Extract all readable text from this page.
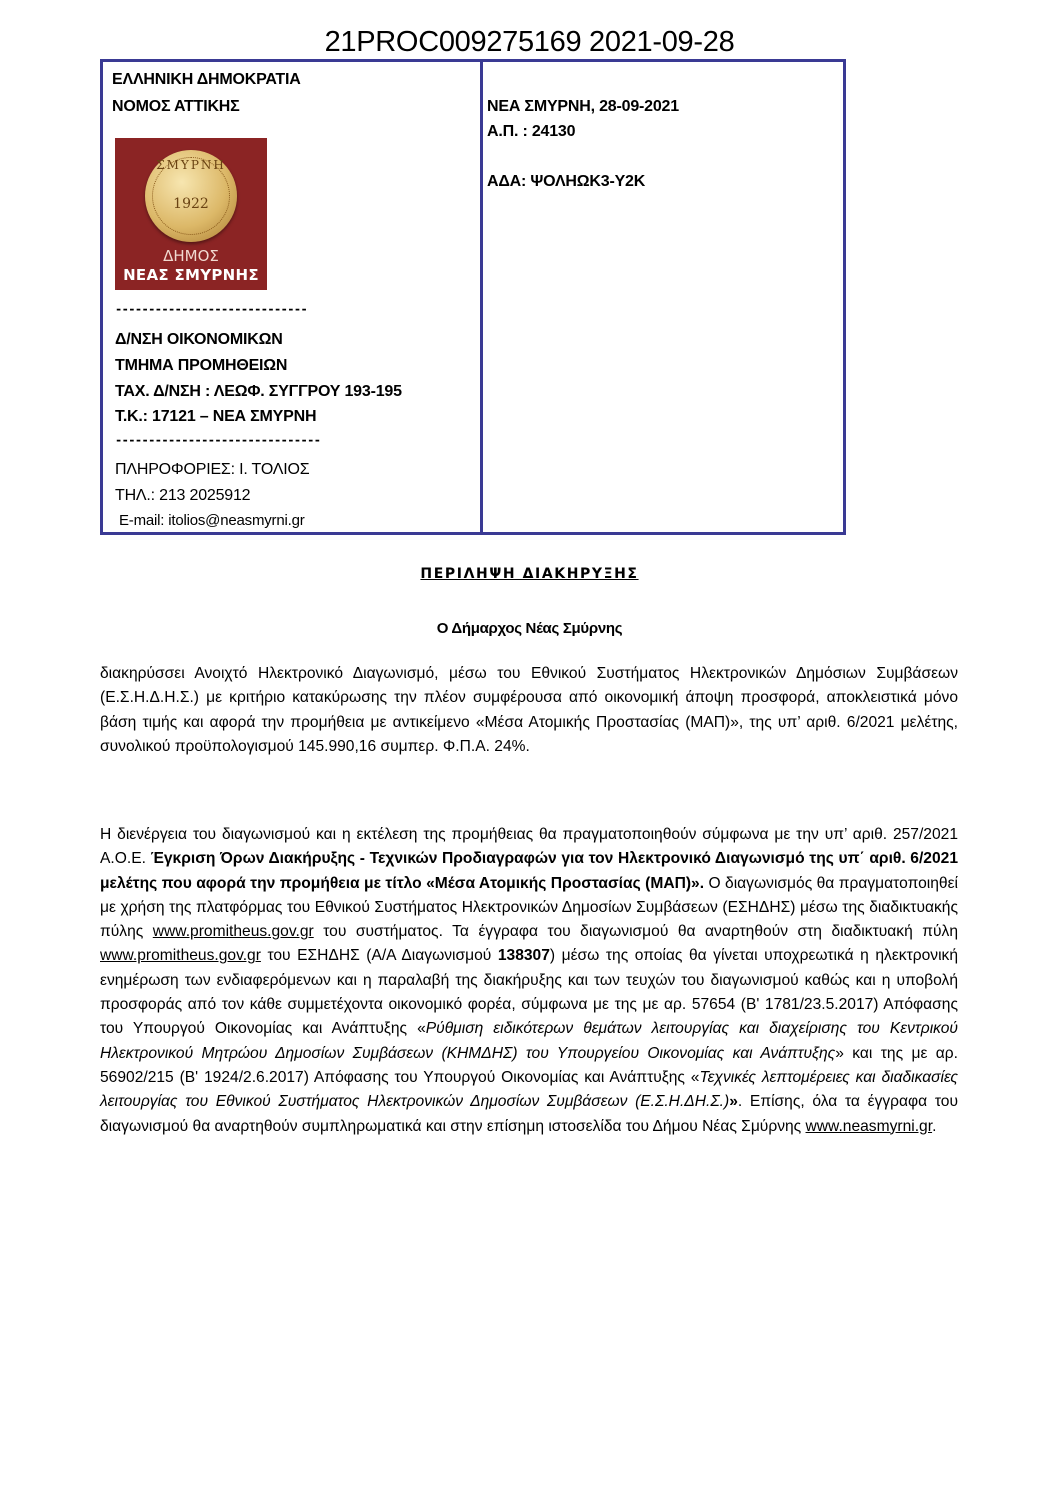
21PROC009275169 2021-09-28
ΕΛΛΗΝΙΚΗ ΔΗΜΟΚΡΑΤΙΑ
ΝΟΜΟΣ ΑΤΤΙΚΗΣ
ΣΜΥΡΝΗ
1922
ΔΗΜΟΣ
ΝΕΑΣ ΣΜΥΡΝΗΣ
-----------------------------
Δ/ΝΣΗ ΟΙΚΟΝΟΜΙΚΩΝ
ΤΜΗΜΑ ΠΡΟΜΗΘΕΙΩΝ
ΤΑΧ. Δ/ΝΣΗ : ΛΕΩΦ. ΣΥΓΓΡΟΥ 193-195
Τ.Κ.: 17121 – ΝΕΑ ΣΜΥΡΝΗ
-------------------------------
ΠΛΗΡΟΦΟΡΙΕΣ: Ι. ΤΟΛΙΟΣ
ΤΗΛ.: 213 2025912
E-mail: itolios@neasmyrni.gr
ΝΕΑ ΣΜΥΡΝΗ, 28-09-2021
Α.Π. : 24130
ΑΔΑ: ΨΟΛΗΩΚ3-Υ2Κ
ΠΕΡΙΛΗΨΗ ΔΙΑΚΗΡΥΞΗΣ
Ο Δήμαρχος Νέας Σμύρνης
διακηρύσσει Ανοιχτό Ηλεκτρονικό Διαγωνισμό, μέσω του Εθνικού Συστήματος Ηλεκτρονικών Δημόσιων Συμβάσεων (Ε.Σ.Η.Δ.Η.Σ.) με κριτήριο κατακύρωσης την πλέον συμφέρουσα από οικονομική άποψη προσφορά, αποκλειστικά μόνο βάση τιμής και αφορά την προμήθεια με αντικείμενο «Μέσα Ατομικής Προστασίας (ΜΑΠ)», της υπ’ αριθ. 6/2021 μελέτης, συνολικού προϋπολογισμού 145.990,16 συμπερ. Φ.Π.Α. 24%.
Η διενέργεια του διαγωνισμού και η εκτέλεση της προμήθειας θα πραγματοποιηθούν σύμφωνα με την υπ’ αριθ. 257/2021 Α.Ο.Ε. Έγκριση Όρων Διακήρυξης - Τεχνικών Προδιαγραφών για τον Ηλεκτρονικό Διαγωνισμό της υπ΄ αριθ. 6/2021 μελέτης που αφορά την προμήθεια με τίτλο «Μέσα Ατομικής Προστασίας (ΜΑΠ)». Ο διαγωνισμός θα πραγματοποιηθεί με χρήση της πλατφόρμας του Εθνικού Συστήματος Ηλεκτρονικών Δημοσίων Συμβάσεων (ΕΣΗΔΗΣ) μέσω της διαδικτυακής πύλης www.promitheus.gov.gr του συστήματος. Τα έγγραφα του διαγωνισμού θα αναρτηθούν στη διαδικτυακή πύλη www.promitheus.gov.gr του ΕΣΗΔΗΣ (Α/Α Διαγωνισμού 138307) μέσω της οποίας θα γίνεται υποχρεωτικά η ηλεκτρονική ενημέρωση των ενδιαφερόμενων και η παραλαβή της διακήρυξης και των τευχών του διαγωνισμού καθώς και η υποβολή προσφοράς από τον κάθε συμμετέχοντα οικονομικό φορέα, σύμφωνα με της με αρ. 57654 (Β' 1781/23.5.2017) Απόφασης του Υπουργού Οικονομίας και Ανάπτυξης «Ρύθμιση ειδικότερων θεμάτων λειτουργίας και διαχείρισης του Κεντρικού Ηλεκτρονικού Μητρώου Δημοσίων Συμβάσεων (ΚΗΜΔΗΣ) του Υπουργείου Οικονομίας και Ανάπτυξης» και της με αρ. 56902/215 (Β' 1924/2.6.2017) Απόφασης του Υπουργού Οικονομίας και Ανάπτυξης «Τεχνικές λεπτομέρειες και διαδικασίες λειτουργίας του Εθνικού Συστήματος Ηλεκτρονικών Δημοσίων Συμβάσεων (Ε.Σ.Η.ΔΗ.Σ.)». Επίσης, όλα τα έγγραφα του διαγωνισμού θα αναρτηθούν συμπληρωματικά και στην επίσημη ιστοσελίδα του Δήμου Νέας Σμύρνης www.neasmyrni.gr.
